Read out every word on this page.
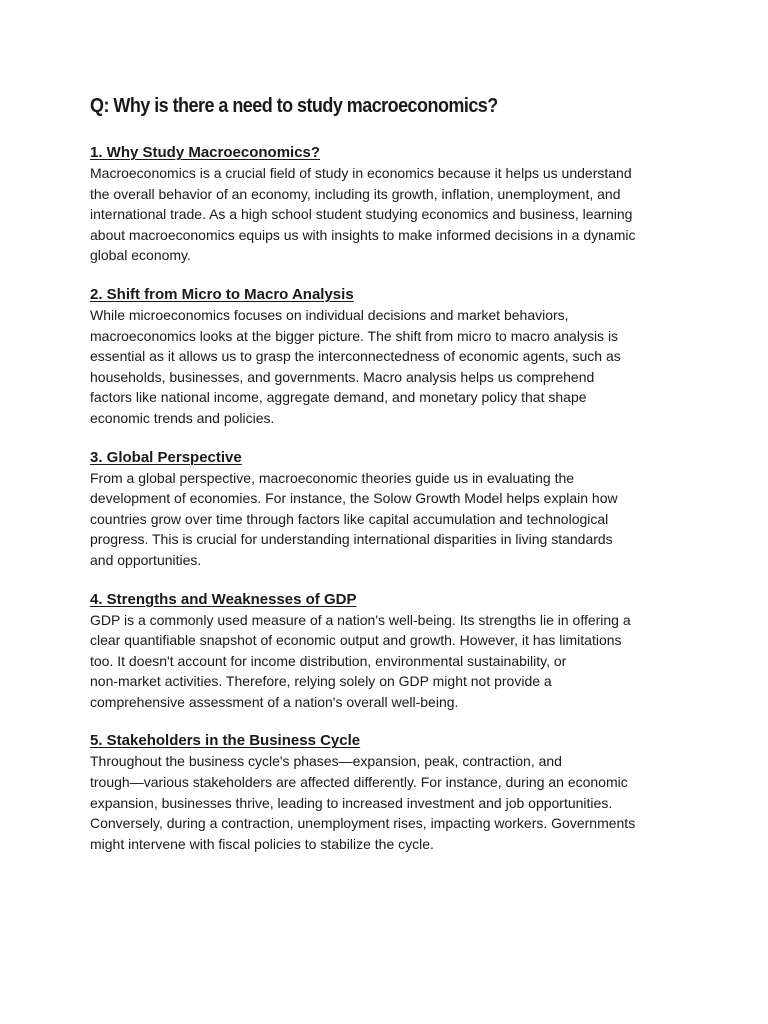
Q: Why is there a need to study macroeconomics?
1. Why Study Macroeconomics?

Macroeconomics is a crucial field of study in economics because it helps us understand
the overall behavior of an economy, including its growth, inflation, unemployment, and
international trade. As a high school student studying economics and business, learning
about macroeconomics equips us with insights to make informed decisions in a dynamic
global economy.

2. Shift from Micro to Macro Analysis

While microeconomics focuses on individual decisions and market behaviors,
macroeconomics looks at the bigger picture. The shift from micro to macro analysis is
essential as it allows us to grasp the interconnectedness of economic agents, such as
households, businesses, and governments. Macro analysis helps us comprehend
factors like national income, aggregate demand, and monetary policy that shape
economic trends and policies.

3. Global Perspective

From a global perspective, macroeconomic theories guide us in evaluating the
development of economies. For instance, the Solow Growth Model helps explain how
countries grow over time through factors like capital accumulation and technological
progress. This is crucial for understanding international disparities in living standards
and opportunities.

4. Strengths and Weaknesses of GDP

GDP is a commonly used measure of a nation's well-being. Its strengths lie in offering a
clear quantifiable snapshot of economic output and growth. However, it has limitations
too. It doesn't account for income distribution, environmental sustainability, or
non-market activities. Therefore, relying solely on GDP might not provide a
comprehensive assessment of a nation's overall well-being.

5. Stakeholders in the Business Cycle

Throughout the business cycle's phases—expansion, peak, contraction, and
trough—various stakeholders are affected differently. For instance, during an economic
expansion, businesses thrive, leading to increased investment and job opportunities.
Conversely, during a contraction, unemployment rises, impacting workers. Governments
might intervene with fiscal policies to stabilize the cycle.
